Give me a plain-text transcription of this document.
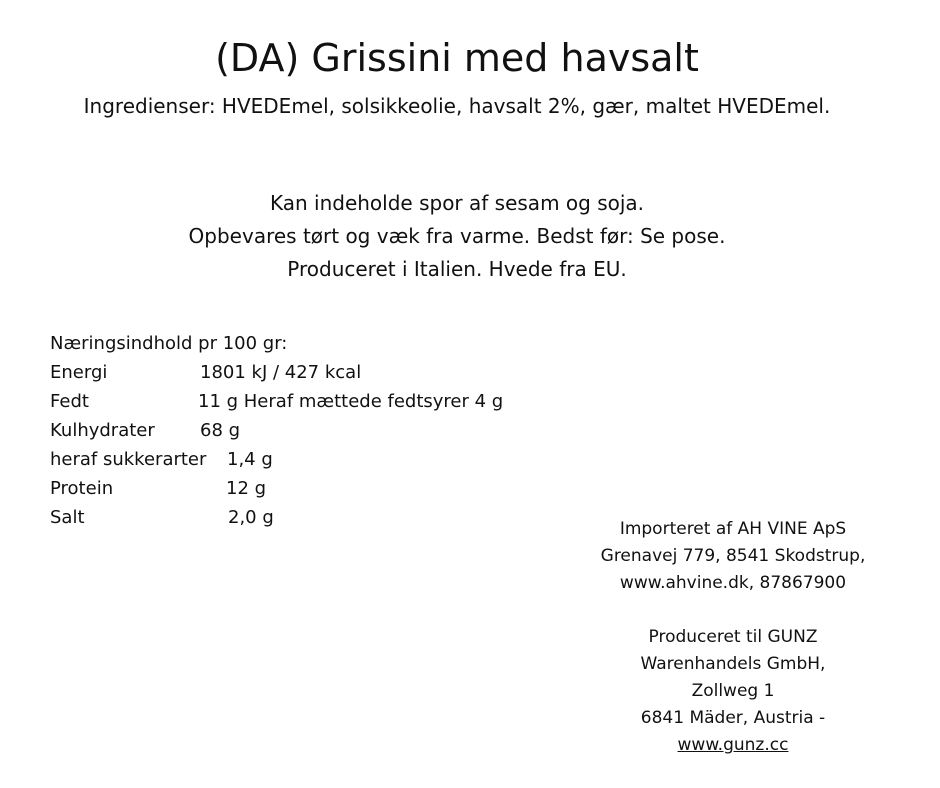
(DA) Grissini med havsalt
Ingredienser: HVEDEmel, solsikkeolie, havsalt 2%, gær, maltet HVEDEmel.
Kan indeholde spor af sesam og soja.
Opbevares tørt og væk fra varme. Bedst før: Se pose.
Produceret i Italien. Hvede fra EU.
Næringsindhold pr 100 gr:
Energi	1801 kJ / 427 kcal
Fedt	11 g Heraf mættede fedtsyrer 4 g
Kulhydrater	68 g
heraf sukkerarter 1,4 g
Protein	12 g
Salt	2,0 g
Importeret af AH VINE ApS
Grenavej 779, 8541 Skodstrup,
www.ahvine.dk, 87867900
Produceret til GUNZ
Warenhandels GmbH,
Zollweg 1
6841 Mäder, Austria -
www.gunz.cc
